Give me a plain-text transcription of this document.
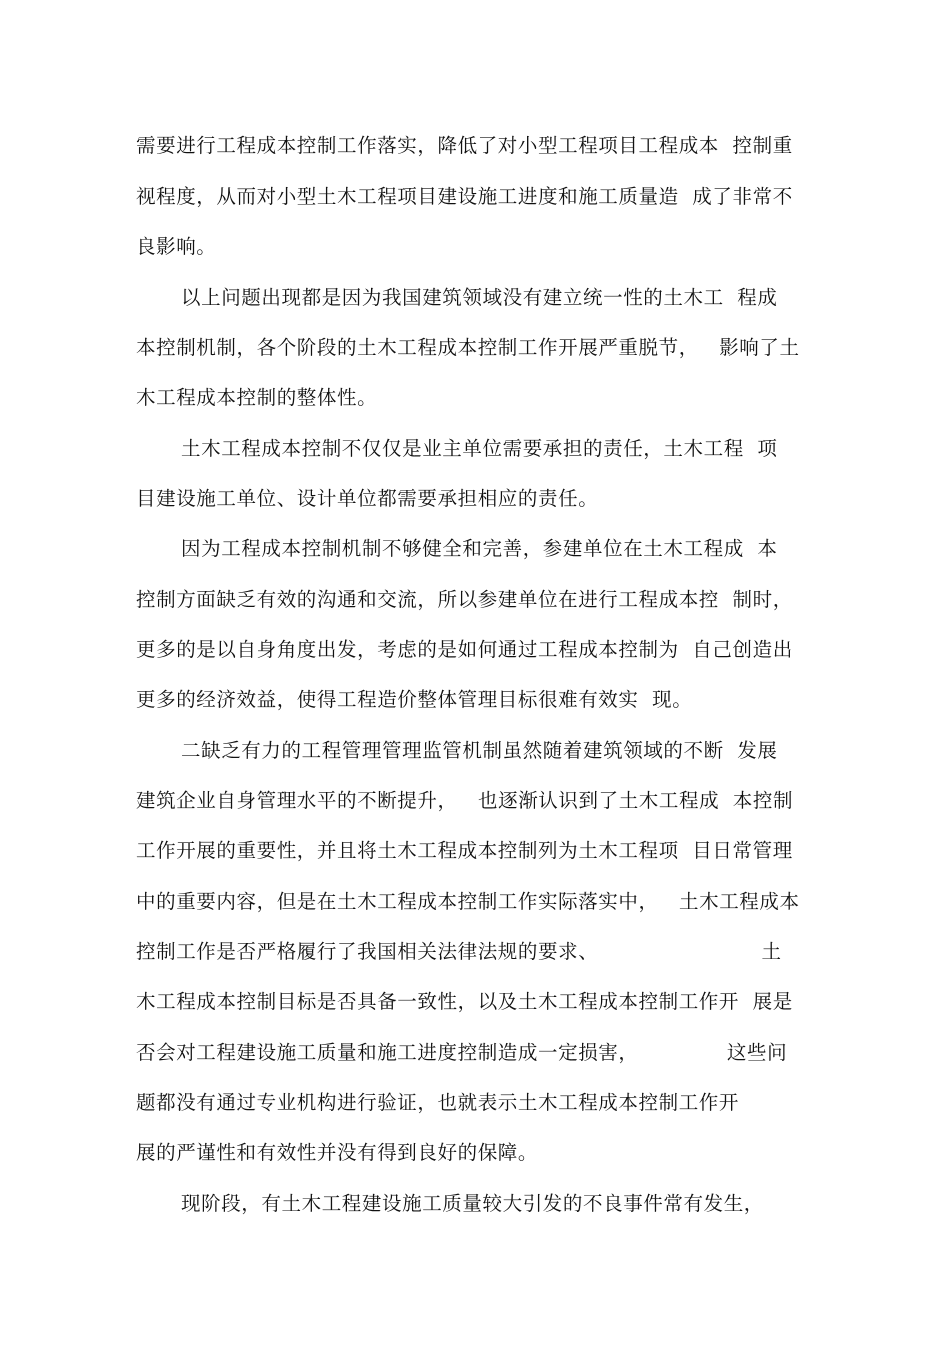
需要进行工程成本控制工作落实，降低了对小型工程项目工程成本  控制重
视程度，从而对小型土木工程项目建设施工进度和施工质量造  成了非常不
良影响。
以上问题出现都是因为我国建筑领域没有建立统一性的土木工  程成
本控制机制，各个阶段的土木工程成本控制工作开展严重脱节，   影响了土
木工程成本控制的整体性。
土木工程成本控制不仅仅是业主单位需要承担的责任，土木工程  项
目建设施工单位、设计单位都需要承担相应的责任。
因为工程成本控制机制不够健全和完善，参建单位在土木工程成  本
控制方面缺乏有效的沟通和交流，所以参建单位在进行工程成本控  制时，
更多的是以自身角度出发，考虑的是如何通过工程成本控制为  自己创造出
更多的经济效益，使得工程造价整体管理目标很难有效实  现。
二缺乏有力的工程管理管理监管机制虽然随着建筑领域的不断  发展
建筑企业自身管理水平的不断提升，   也逐渐认识到了土木工程成  本控制
工作开展的重要性，并且将土木工程成本控制列为土木工程项  目日常管理
中的重要内容，但是在土木工程成本控制工作实际落实中，   土木工程成本
控制工作是否严格履行了我国相关法律法规的要求、                        土
木工程成本控制目标是否具备一致性，以及土木工程成本控制工作开  展是
否会对工程建设施工质量和施工进度控制造成一定损害，             这些问
题都没有通过专业机构进行验证，也就表示土木工程成本控制工作开
展的严谨性和有效性并没有得到良好的保障。
现阶段，有土木工程建设施工质量较大引发的不良事件常有发生，
